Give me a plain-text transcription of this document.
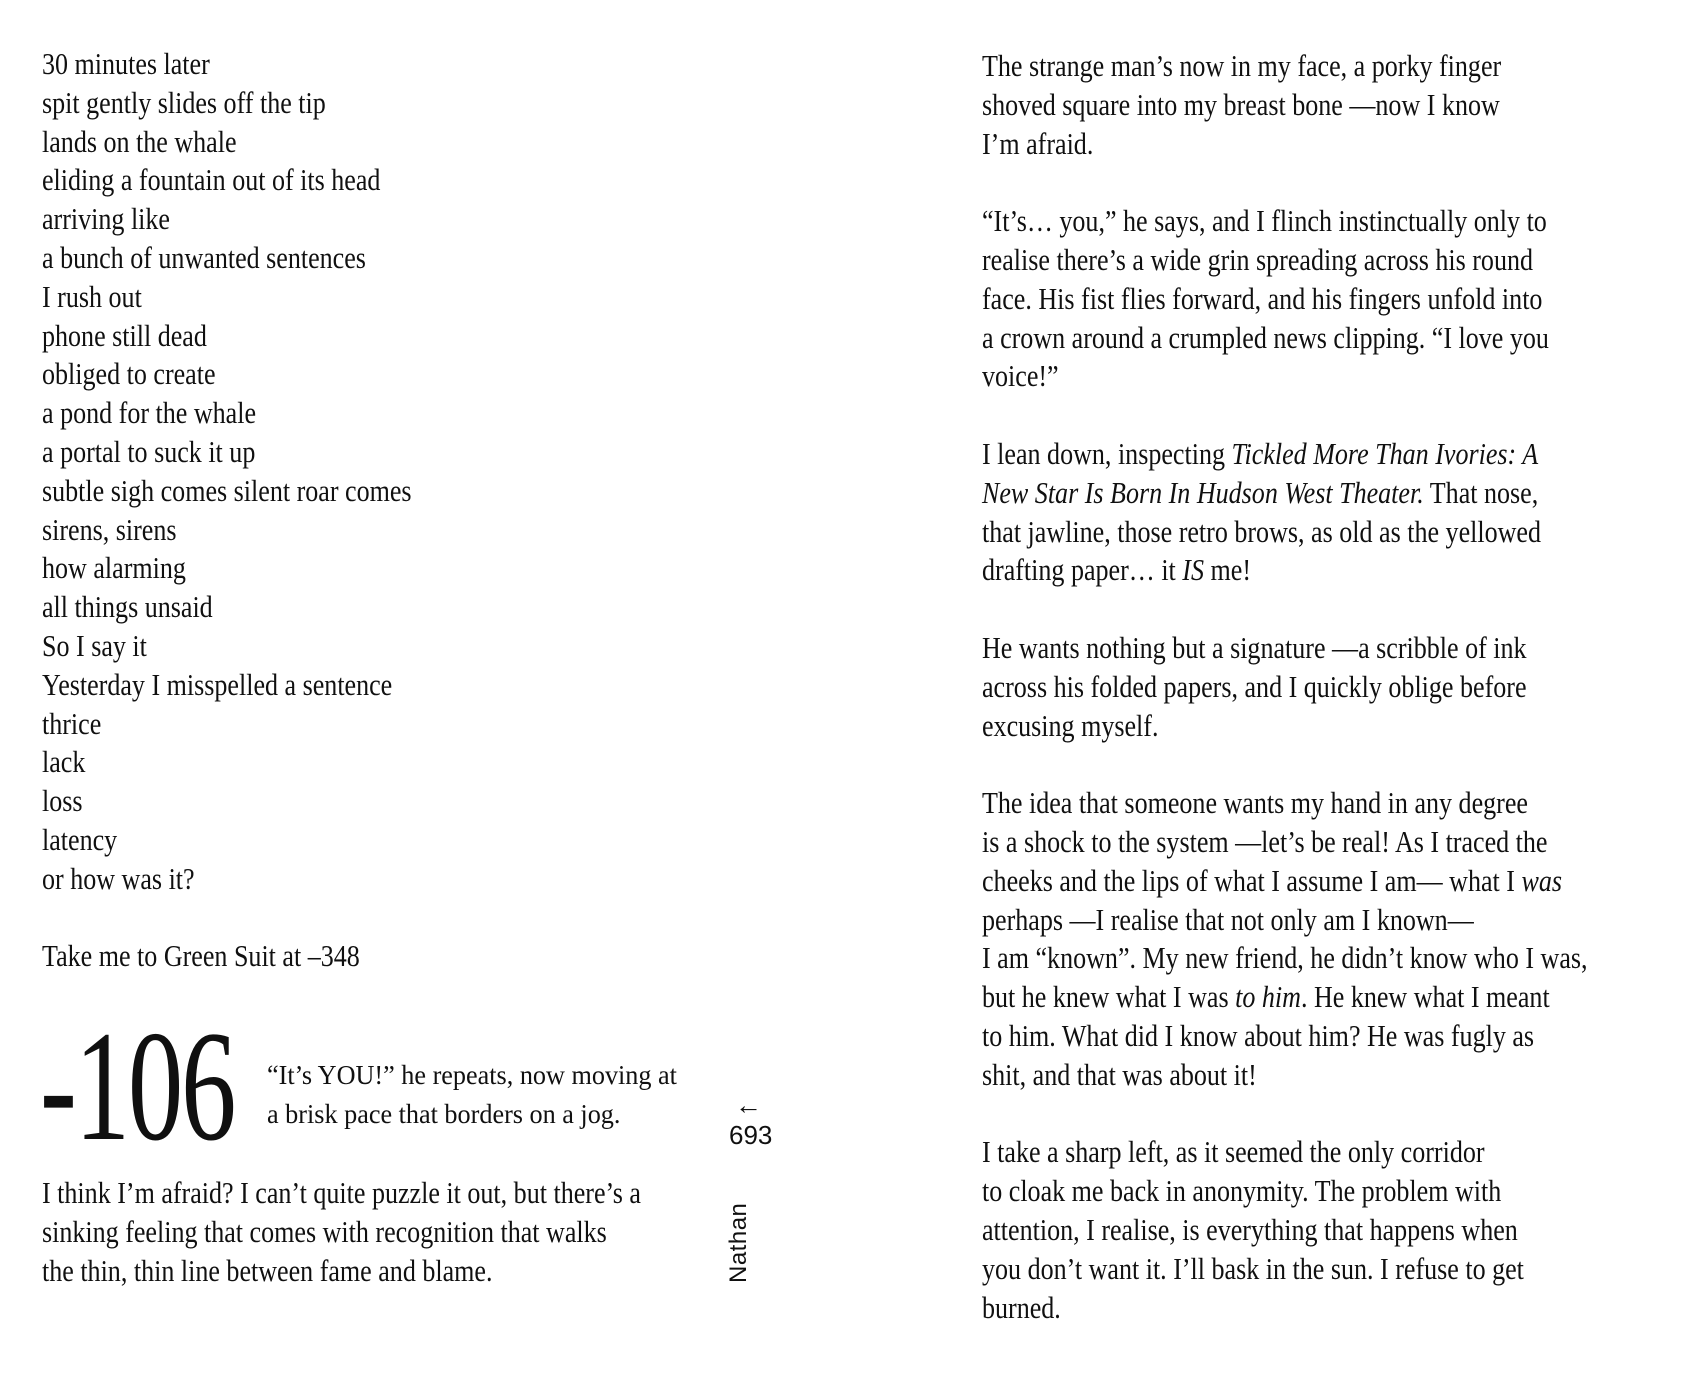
30 minutes later
spit gently slides off the tip
lands on the whale
eliding a fountain out of its head
arriving like
a bunch of unwanted sentences
I rush out
phone still dead
obliged to create
a pond for the whale
a portal to suck it up
subtle sigh comes silent roar comes
sirens, sirens
how alarming
all things unsaid
So I say it
Yesterday I misspelled a sentence
thrice
lack
loss
latency
or how was it?

Take me to Green Suit at –348
-106 “It’s YOU!” he repeats, now moving at
a brisk pace that borders on a jog.
I think I’m afraid? I can’t quite puzzle it out, but there’s a
sinking feeling that comes with recognition that walks
the thin, thin line between fame and blame.
←
693
Nathan
The strange man’s now in my face, a porky finger
shoved square into my breast bone —now I know
I’m afraid.

“It’s… you,” he says, and I flinch instinctually only to
realise there’s a wide grin spreading across his round
face. His fist flies forward, and his fingers unfold into
a crown around a crumpled news clipping. “I love you
voice!”

I lean down, inspecting Tickled More Than Ivories: A
New Star Is Born In Hudson West Theater. That nose,
that jawline, those retro brows, as old as the yellowed
drafting paper… it IS me!

He wants nothing but a signature —a scribble of ink
across his folded papers, and I quickly oblige before
excusing myself.

The idea that someone wants my hand in any degree
is a shock to the system —let’s be real! As I traced the
cheeks and the lips of what I assume I am— what I was
perhaps —I realise that not only am I known—
I am “known”. My new friend, he didn’t know who I was,
but he knew what I was to him. He knew what I meant
to him. What did I know about him? He was fugly as
shit, and that was about it!

I take a sharp left, as it seemed the only corridor
to cloak me back in anonymity. The problem with
attention, I realise, is everything that happens when
you don’t want it. I’ll bask in the sun. I refuse to get
burned.
